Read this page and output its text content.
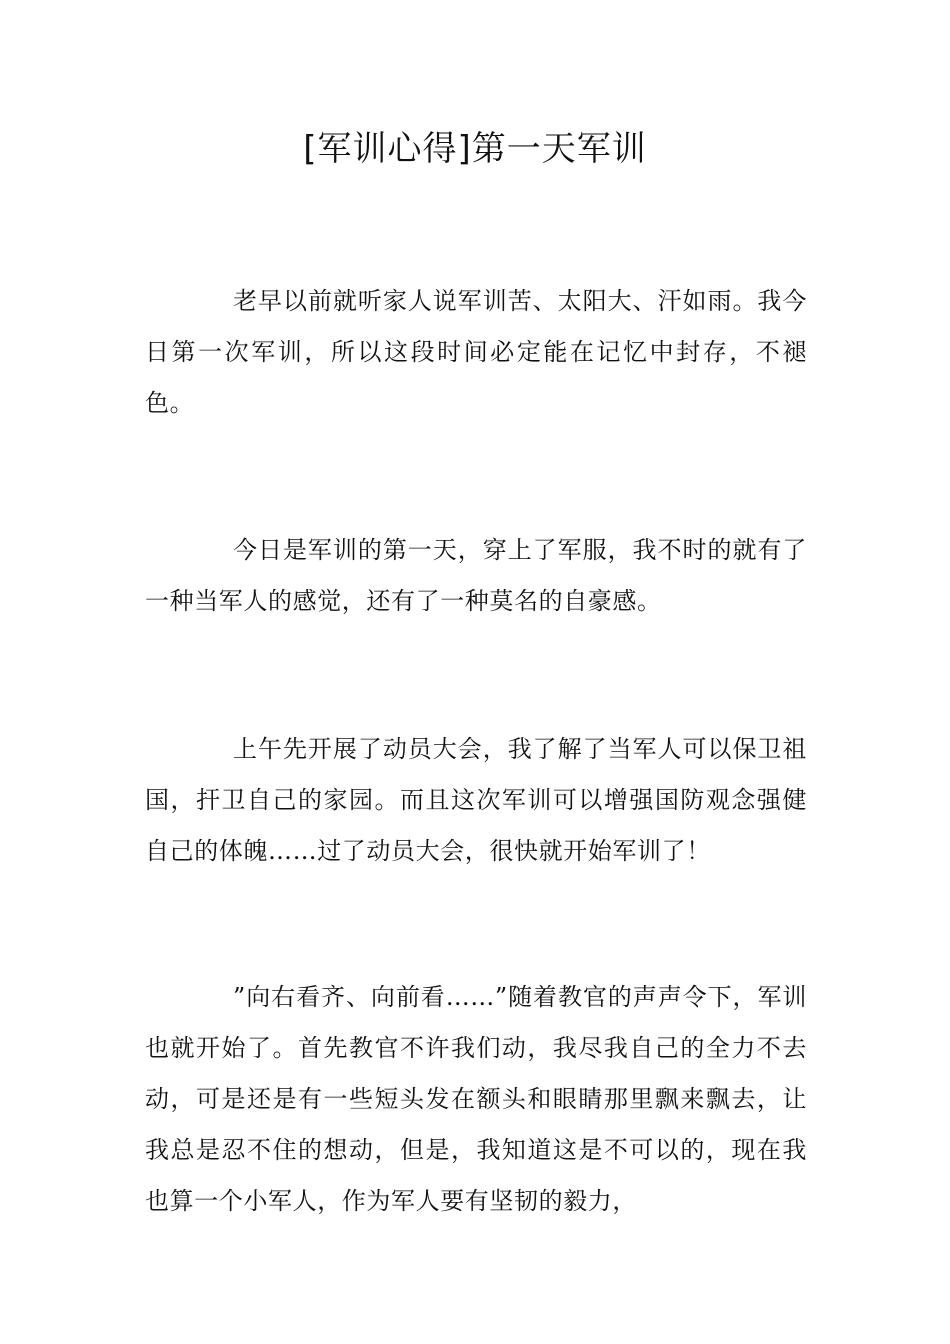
[军训心得]第一天军训

老早以前就听家人说军训苦、太阳大、汗如雨。我今日第一次军训，所以这段时间必定能在记忆中封存，不褪色。

今日是军训的第一天，穿上了军服，我不时的就有了一种当军人的感觉，还有了一种莫名的自豪感。

上午先开展了动员大会，我了解了当军人可以保卫祖国，扞卫自己的家园。而且这次军训可以增强国防观念强健自己的体魄……过了动员大会，很快就开始军训了！

”向右看齐、向前看……”随着教官的声声令下，军训也就开始了。首先教官不许我们动，我尽我自己的全力不去动，可是还是有一些短头发在额头和眼睛那里飘来飘去，让我总是忍不住的想动，但是，我知道这是不可以的，现在我也算一个小军人，作为军人要有坚韧的毅力，
